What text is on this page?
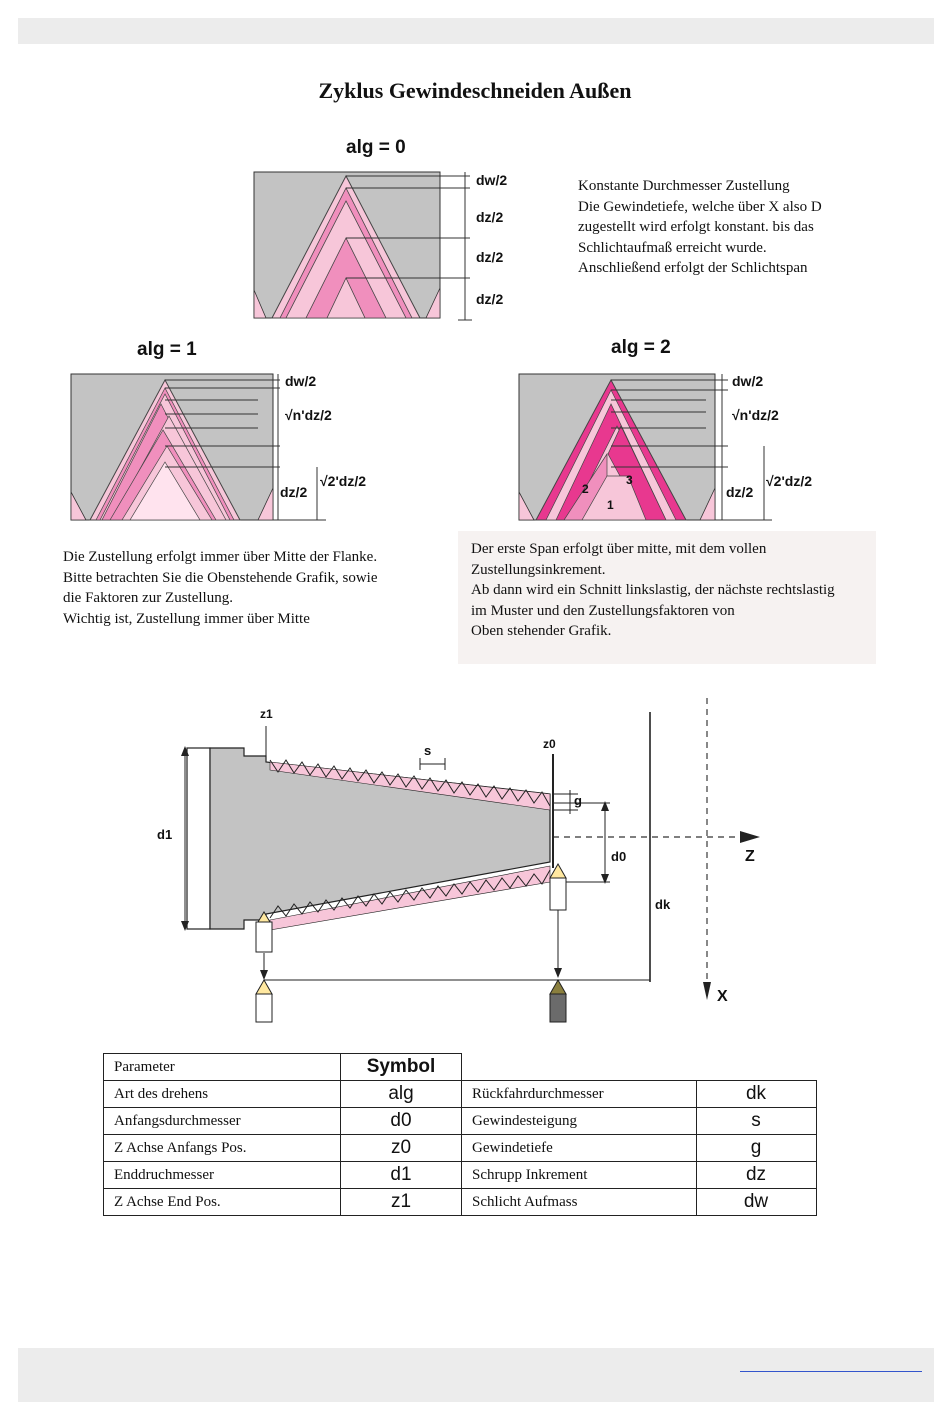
Zyklus Gewindeschneiden Außen
alg = 0
dw/2
dz/2
dz/2
dz/2
Konstante Durchmesser Zustellung
Die Gewindetiefe, welche über X also D
zugestellt wird erfolgt konstant. bis das
Schlichtaufmaß erreicht wurde.
Anschließend erfolgt der Schlichtspan
alg = 1
dw/2
√n'dz/2
dz/2
√2'dz/2
Die Zustellung erfolgt immer über Mitte der Flanke.
Bitte betrachten Sie die Obenstehende Grafik, sowie
die Faktoren zur Zustellung.
Wichtig ist, Zustellung immer über Mitte
alg = 2
1
2
3
dw/2
√n'dz/2
dz/2
√2'dz/2
Der erste Span erfolgt über mitte, mit dem vollen
Zustellungsinkrement.
Ab dann wird ein Schnitt linkslastig, der nächste rechtslastig
im Muster und den Zustellungsfaktoren von
Oben stehender Grafik.
z1
z0
s
g
d0
d1
dk
Z
X
Parameter	Symbol		
Art des drehens	alg	Rückfahrdurchmesser	dk
Anfangsdurchmesser	d0	Gewindesteigung	s
Z Achse Anfangs Pos.	z0	Gewindetiefe	g
Enddruchmesser	d1	Schrupp Inkrement	dz
Z Achse End Pos.	z1	Schlicht Aufmass	dw
